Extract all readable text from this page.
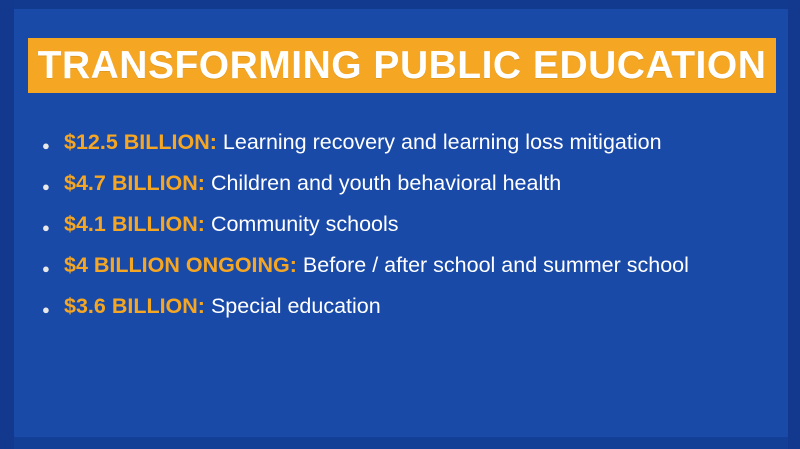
TRANSFORMING PUBLIC EDUCATION
● $12.5 BILLION: Learning recovery and learning loss mitigation
● $4.7 BILLION: Children and youth behavioral health
● $4.1 BILLION: Community schools
● $4 BILLION ONGOING: Before / after school and summer school
● $3.6 BILLION: Special education
